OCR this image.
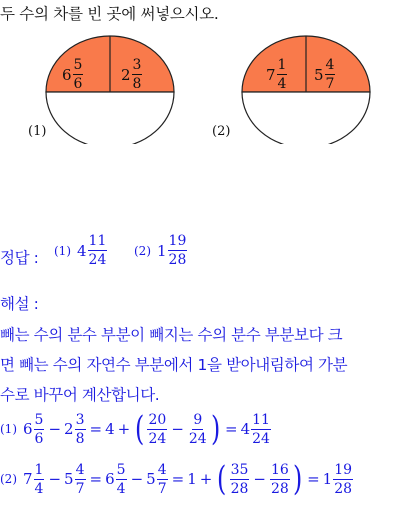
두 수의 차를 빈 곳에 써넣으시오.
$6 \frac{5}{6}$	$2 \frac{3}{8}$
(1)
$7 \frac{1}{4} 5 \frac{4}{7}$
(2)
정답 : (1) $4 \frac{11}{24} (2)$ $1 \frac{19}{28}$
해설 :
빼는 수의 분수 부분이 빼지는 수의 분수 부분보다 크
면 빼는 수의 자연수 부분에서 1을 받아내림하여 가분
수로 바꾸어 계산합니다.
(1) $6 \frac{5}{6} - 2 \frac{3}{8} = 4$ + ( $\frac{20}{24} - \frac{9}{24}$ ) = $4 \frac{11}{24}$
(2) $7 \frac{1}{4} - 5 \frac{4}{7} = 6 \frac{5}{4} - 5 \frac{4}{7} = 1$ + ( $\frac{35}{28} - \frac{16}{28}$ ) = $1 \frac{19}{28}$
